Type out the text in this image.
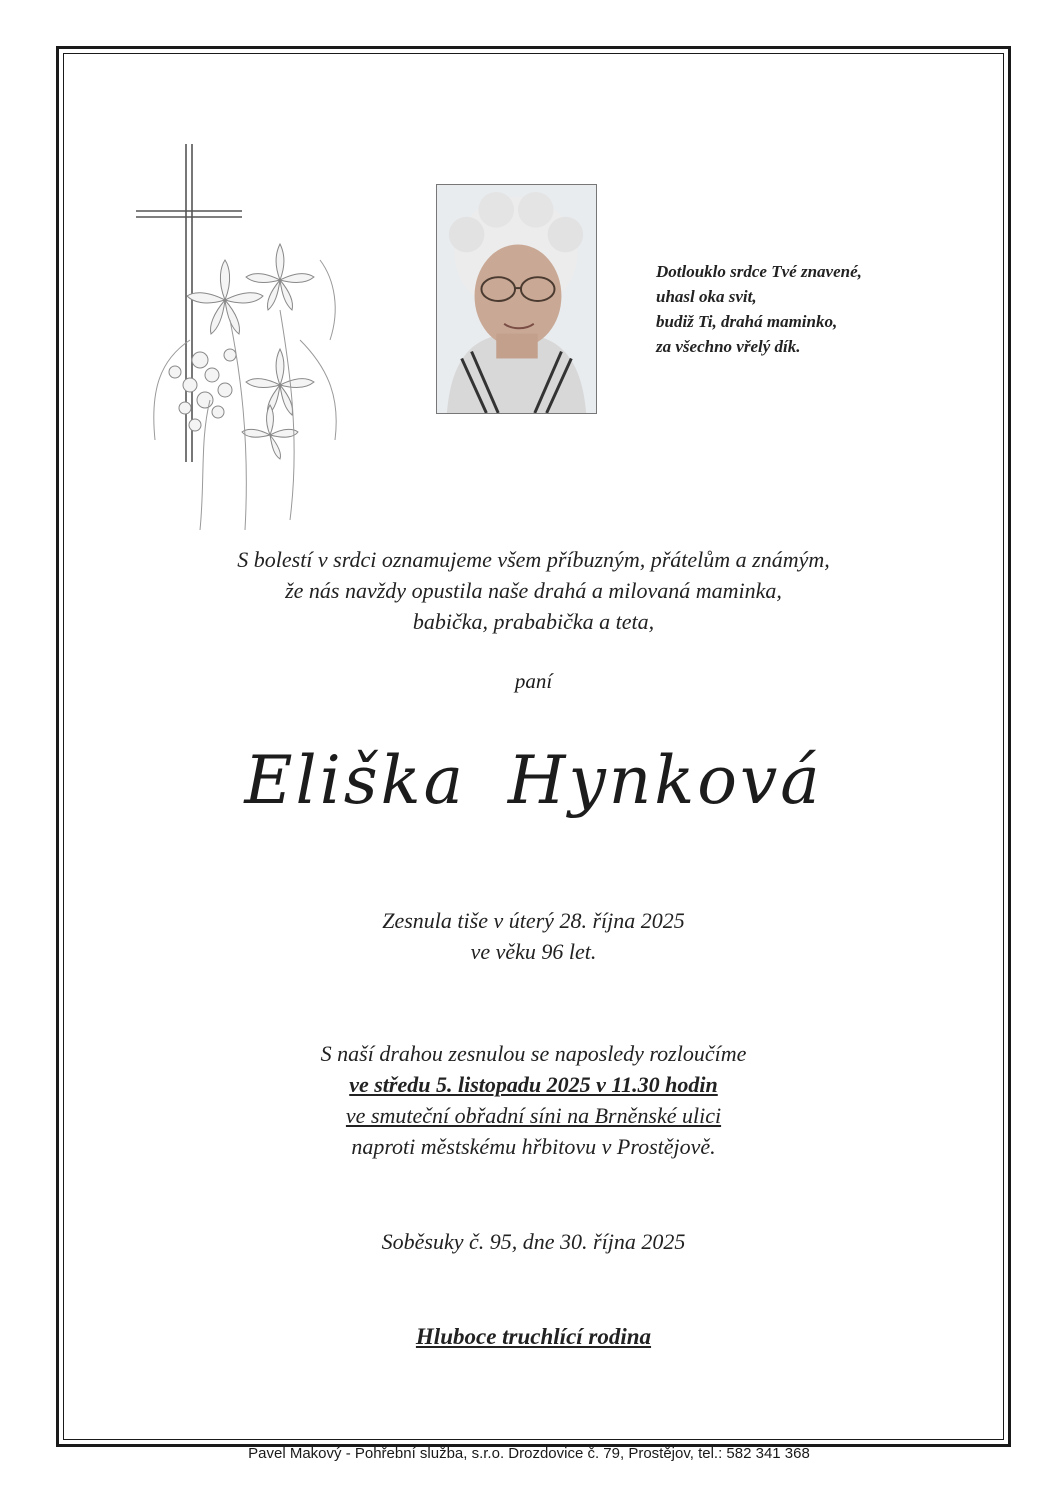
Dotlouklo srdce Tvé znavené,
uhasl oka svit,
budiž Ti, drahá maminko,
za všechno vřelý dík.
S bolestí v srdci oznamujeme všem příbuzným, přátelům a známým,
že nás navždy opustila naše drahá a milovaná maminka,
babička, prababička a teta,
paní
Eliška Hynková
Zesnula tiše v úterý 28. října 2025
ve věku 96 let.
S naší drahou zesnulou se naposledy rozloučíme
ve středu 5. listopadu 2025 v 11.30 hodin
ve smuteční obřadní síni na Brněnské ulici
naproti městskému hřbitovu v Prostějově.
Soběsuky č. 95, dne 30. října 2025
Hluboce truchlící rodina
Pavel Makový - Pohřební služba, s.r.o. Drozdovice č. 79, Prostějov, tel.: 582 341 368
